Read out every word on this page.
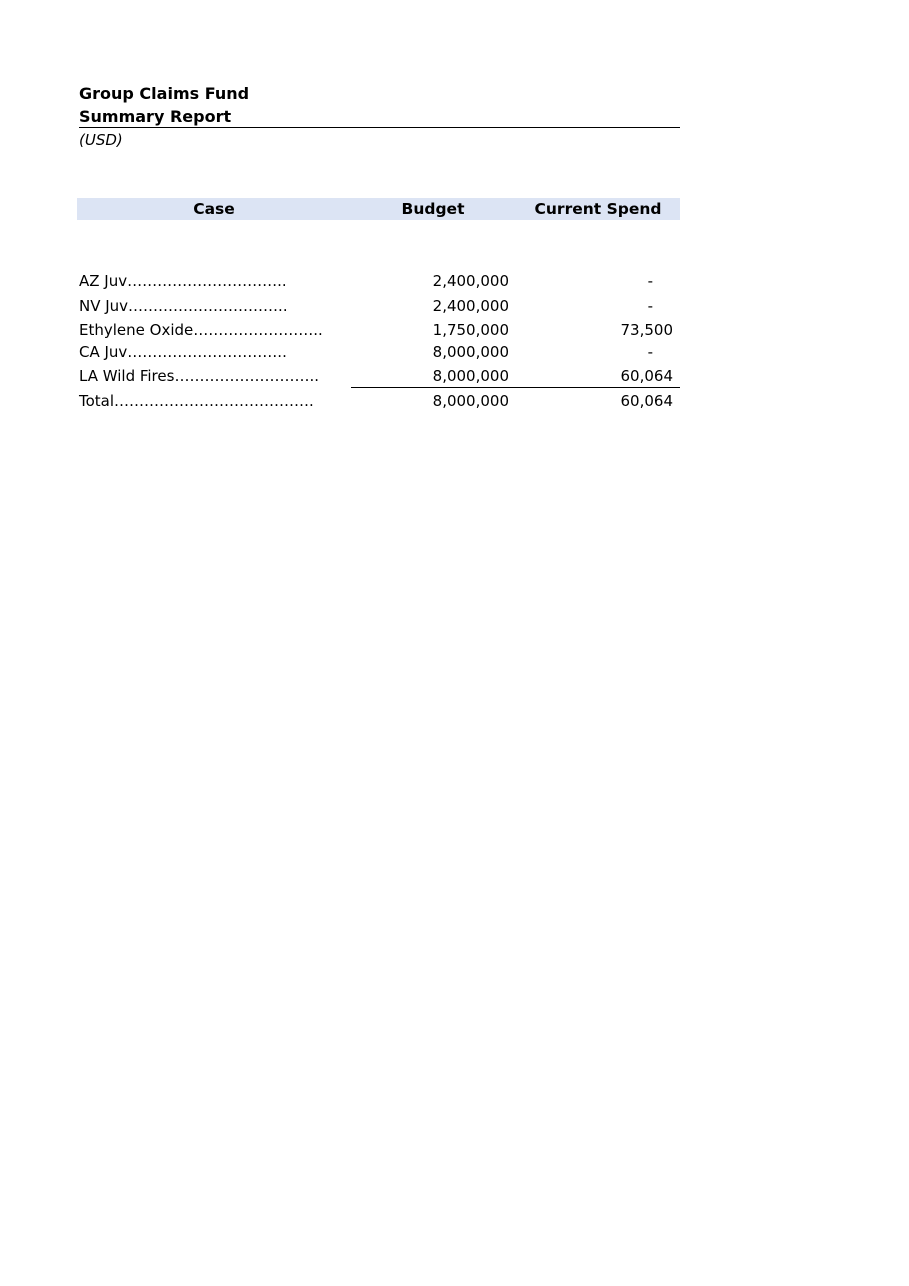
Group Claims Fund
Summary Report
(USD)
Case	Budget	Current Spend
AZ Juv…………………………..	2,400,000	-
NV Juv…………………………..	2,400,000	-
Ethylene Oxide……………………..	1,750,000	73,500
CA Juv…………………………..	8,000,000	-
LA Wild Fires………………………..	8,000,000	60,064
Total………………………………….	8,000,000	60,064
